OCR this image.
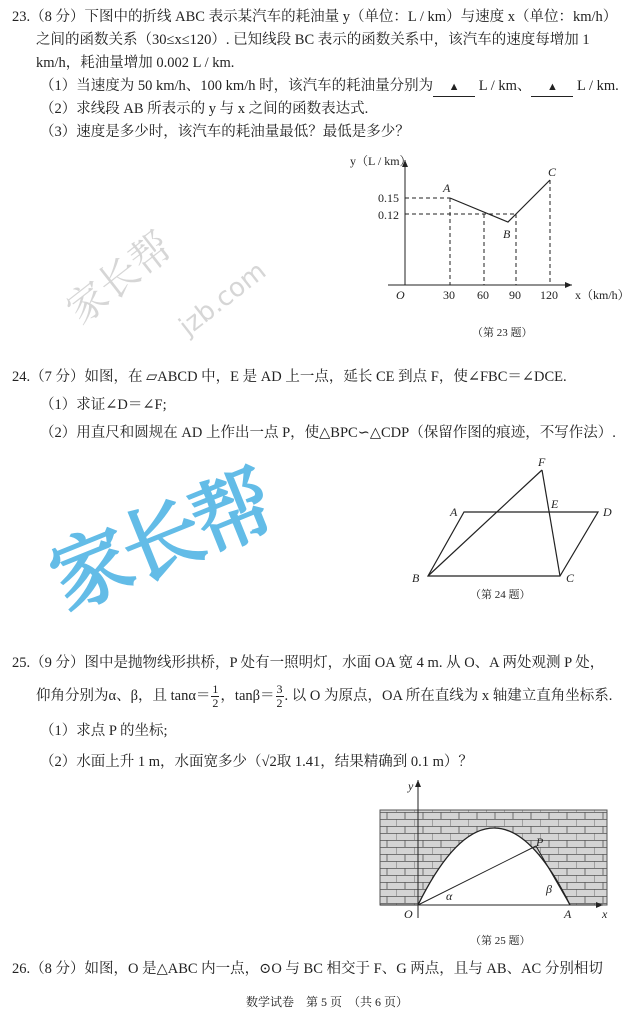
家长帮
家长帮
jzb.com
23.（8 分）下图中的折线 ABC 表示某汽车的耗油量 y（单位：L / km）与速度 x（单位：km/h）
之间的函数关系（30≤x≤120）. 已知线段 BC 表示的函数关系中，该汽车的速度每增加 1
km/h，耗油量增加 0.002 L / km.
（1）当速度为 50 km/h、100 km/h 时，该汽车的耗油量分别为 ▲ L / km、 ▲ L / km.
（2）求线段 AB 所表示的 y 与 x 之间的函数表达式.
（3）速度是多少时，该汽车的耗油量最低？最低是多少？
y（L / km）
x（km/h）
O
0.15
0.12
30 60 90 120
A
B
C
（第 23 题）
A
B	C
D
E
F
（第 24 题）
y
x
O	A
P
α	β
（第 25 题）
24.（7 分）如图，在 ▱ABCD 中，E 是 AD 上一点，延长 CE 到点 F，使∠FBC＝∠DCE.
（1）求证∠D＝∠F;
（2）用直尺和圆规在 AD 上作出一点 P，使△BPC∽△CDP（保留作图的痕迹，不写作法）.
25.（9 分）图中是抛物线形拱桥，P 处有一照明灯，水面 OA 宽 4 m. 从 O、A 两处观测 P 处，
仰角分别为α、β，且 $\tan\alpha= \frac{1}{2}$ ，$\tan\beta= \frac{3}{2}$ . 以 O 为原点，OA 所在直线为 x 轴建立直角坐标系.
（1）求点 P 的坐标;
（2）水面上升 1 m，水面宽多少（√2取 1.41，结果精确到 0.1 m）？
26.（8 分）如图，O 是△ABC 内一点，⊙O 与 BC 相交于 F、G 两点，且与 AB、AC 分别相切
数学试卷　第 5 页　（共 6 页）
